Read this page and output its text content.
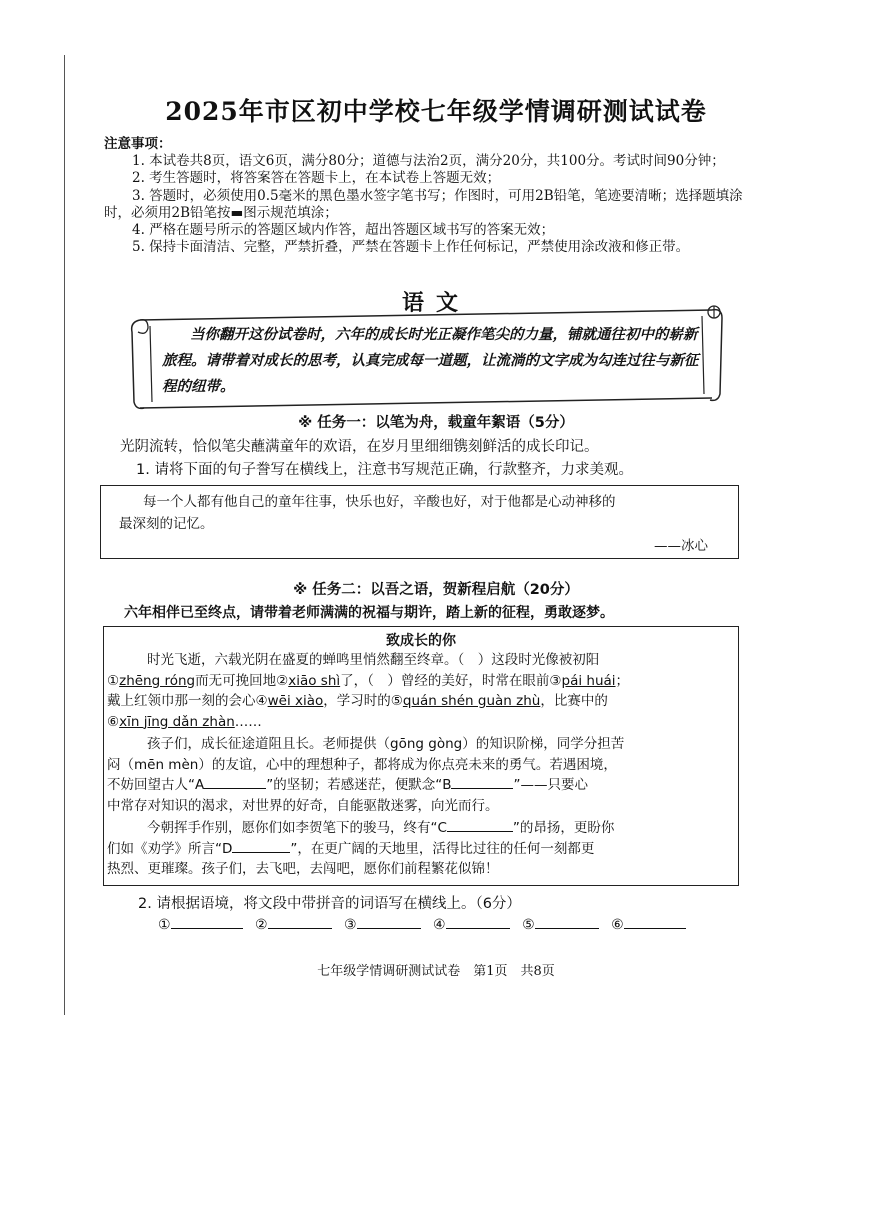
2025年市区初中学校七年级学情调研测试试卷
注意事项：

1. 本试卷共8页，语文6页，满分80分；道德与法治2页，满分20分，共100分。考试时间90分钟；

2. 考生答题时，将答案答在答题卡上，在本试卷上答题无效；

3. 答题时，必须使用0.5毫米的黑色墨水签字笔书写；作图时，可用2B铅笔，笔迹要清晰；选择题填涂时，必须用2B铅笔按▬图示规范填涂；

4. 严格在题号所示的答题区域内作答，超出答题区域书写的答案无效；

5. 保持卡面清洁、完整，严禁折叠，严禁在答题卡上作任何标记，严禁使用涂改液和修正带。

语文
当你翻开这份试卷时，六年的成长时光正凝作笔尖的力量，铺就通往初中的崭新旅程。请带着对成长的思考，认真完成每一道题，让流淌的文字成为勾连过往与新征程的纽带。
※ 任务一：以笔为舟，载童年絮语（5分）
光阴流转，恰似笔尖蘸满童年的欢语，在岁月里细细镌刻鲜活的成长印记。
1. 请将下面的句子誊写在横线上，注意书写规范正确，行款整齐，力求美观。
每一个人都有他自己的童年往事，快乐也好，辛酸也好，对于他都是心动神移的
最深刻的记忆。
——冰心
※ 任务二：以吾之语，贺新程启航（20分）
六年相伴已至终点，请带着老师满满的祝福与期许，踏上新的征程，勇敢逐梦。
致成长的你
时光飞逝，六载光阴在盛夏的蝉鸣里悄然翻至终章。（　）这段时光像被初阳
①zhēng róng而无可挽回地②xiāo shì了，（　）曾经的美好，时常在眼前③pái huái；
戴上红领巾那一刻的会心④wēi xiào，学习时的⑤quán shén guàn zhù，比赛中的
⑥xīn jīng dǎn zhàn……
孩子们，成长征途道阻且长。老师提供（gōng gòng）的知识阶梯，同学分担苦
闷（mēn mèn）的友谊，心中的理想种子，都将成为你点亮未来的勇气。若遇困境，
不妨回望古人“A	”的坚韧；若感迷茫，便默念“B	”——只要心
中常存对知识的渴求，对世界的好奇，自能驱散迷雾，向光而行。
今朝挥手作别，愿你们如李贺笔下的骏马，终有“C	”的昂扬，更盼你
们如《劝学》所言“D	”，在更广阔的天地里，活得比过往的任何一刻都更
热烈、更璀璨。孩子们，去飞吧，去闯吧，愿你们前程繁花似锦！
2. 请根据语境，将文段中带拼音的词语写在横线上。（6分）
①	②	③	④	⑤	⑥
七年级学情调研测试试卷　第1页　共8页
